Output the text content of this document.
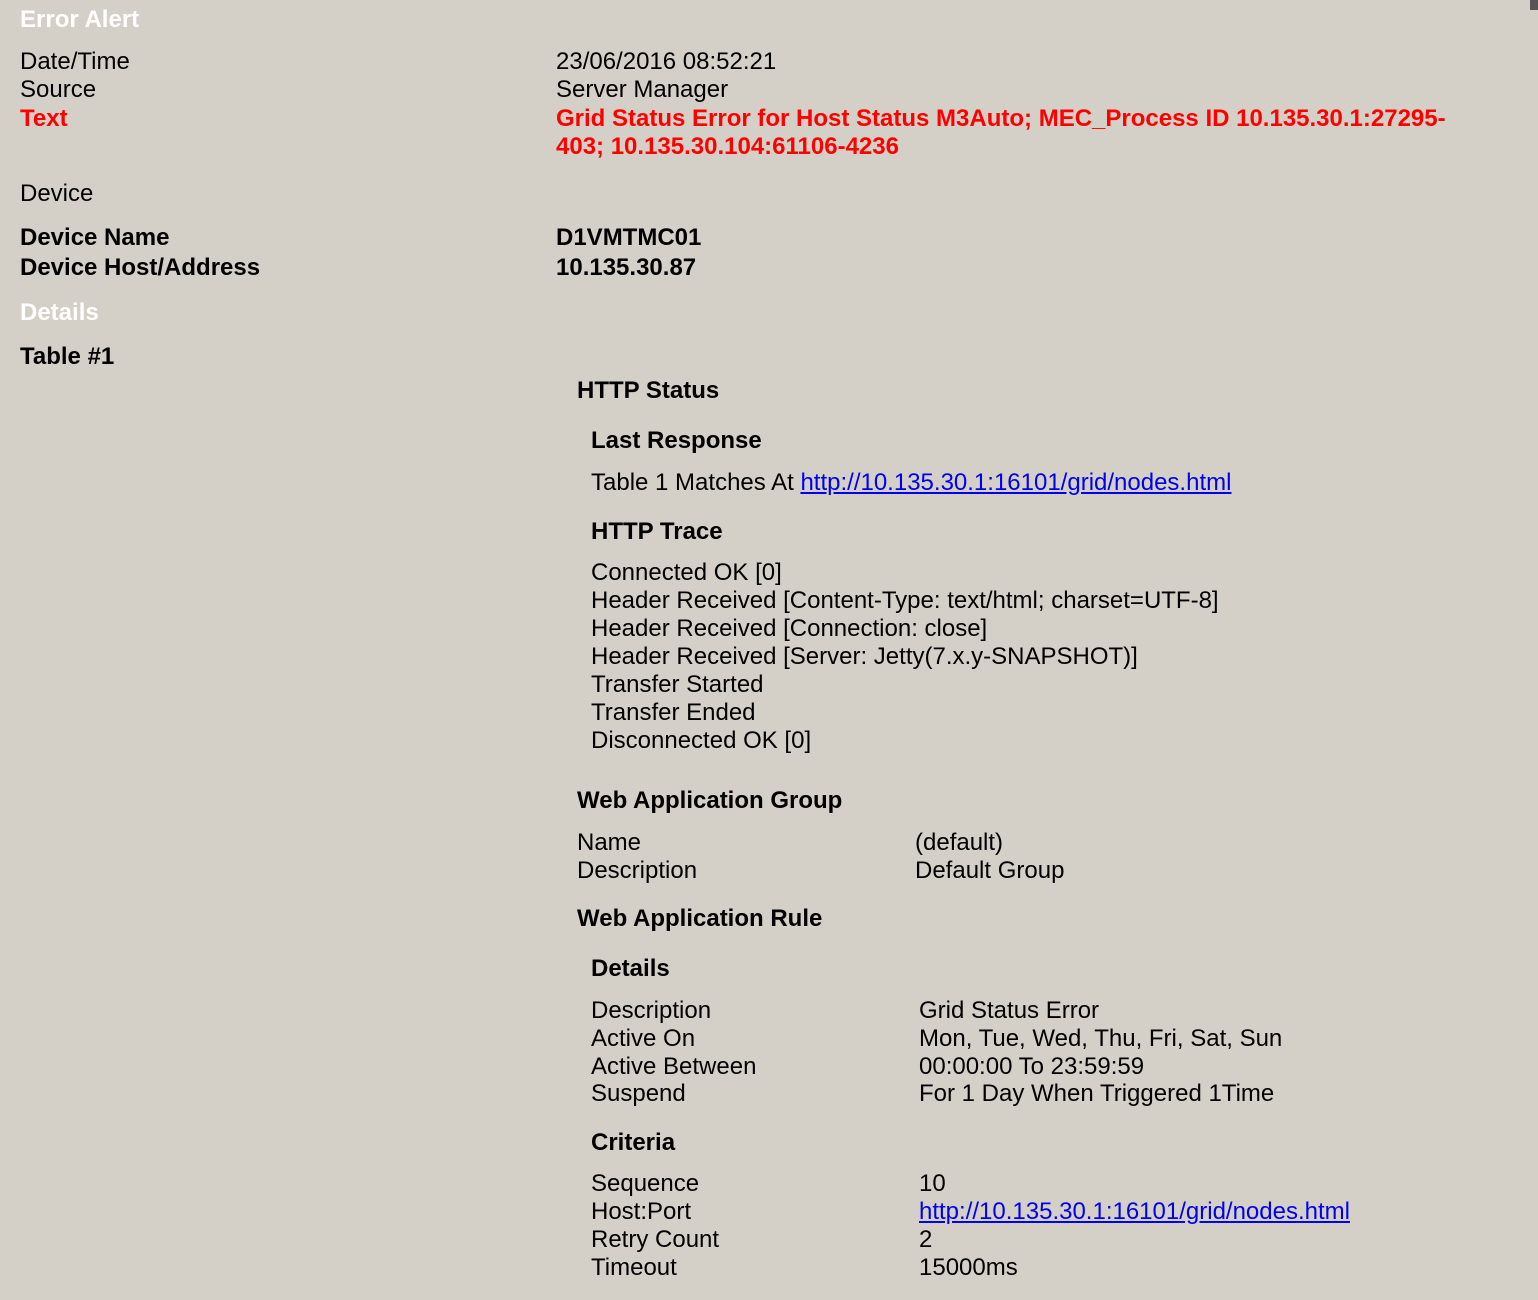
Error Alert
Date/Time	23/06/2016 08:52:21
Source	Server Manager
Text	Grid Status Error for Host Status M3Auto; MEC_Process ID 10.135.30.1:27295-
403; 10.135.30.104:61106-4236
Device
Device Name	D1VMTMC01
Device Host/Address	10.135.30.87
Details
Table #1
HTTP Status
Last Response
Table 1 Matches At http://10.135.30.1:16101/grid/nodes.html
HTTP Trace
Connected OK [0]
Header Received [Content-Type: text/html; charset=UTF-8]
Header Received [Connection: close]
Header Received [Server: Jetty(7.x.y-SNAPSHOT)]
Transfer Started
Transfer Ended
Disconnected OK [0]
Web Application Group
Name	(default)
Description	Default Group
Web Application Rule
Details
Description	Grid Status Error
Active On	Mon, Tue, Wed, Thu, Fri, Sat, Sun
Active Between	00:00:00 To 23:59:59
Suspend	For 1 Day When Triggered 1Time
Criteria
Sequence	10
Host:Port	http://10.135.30.1:16101/grid/nodes.html
Retry Count	2
Timeout	15000ms
